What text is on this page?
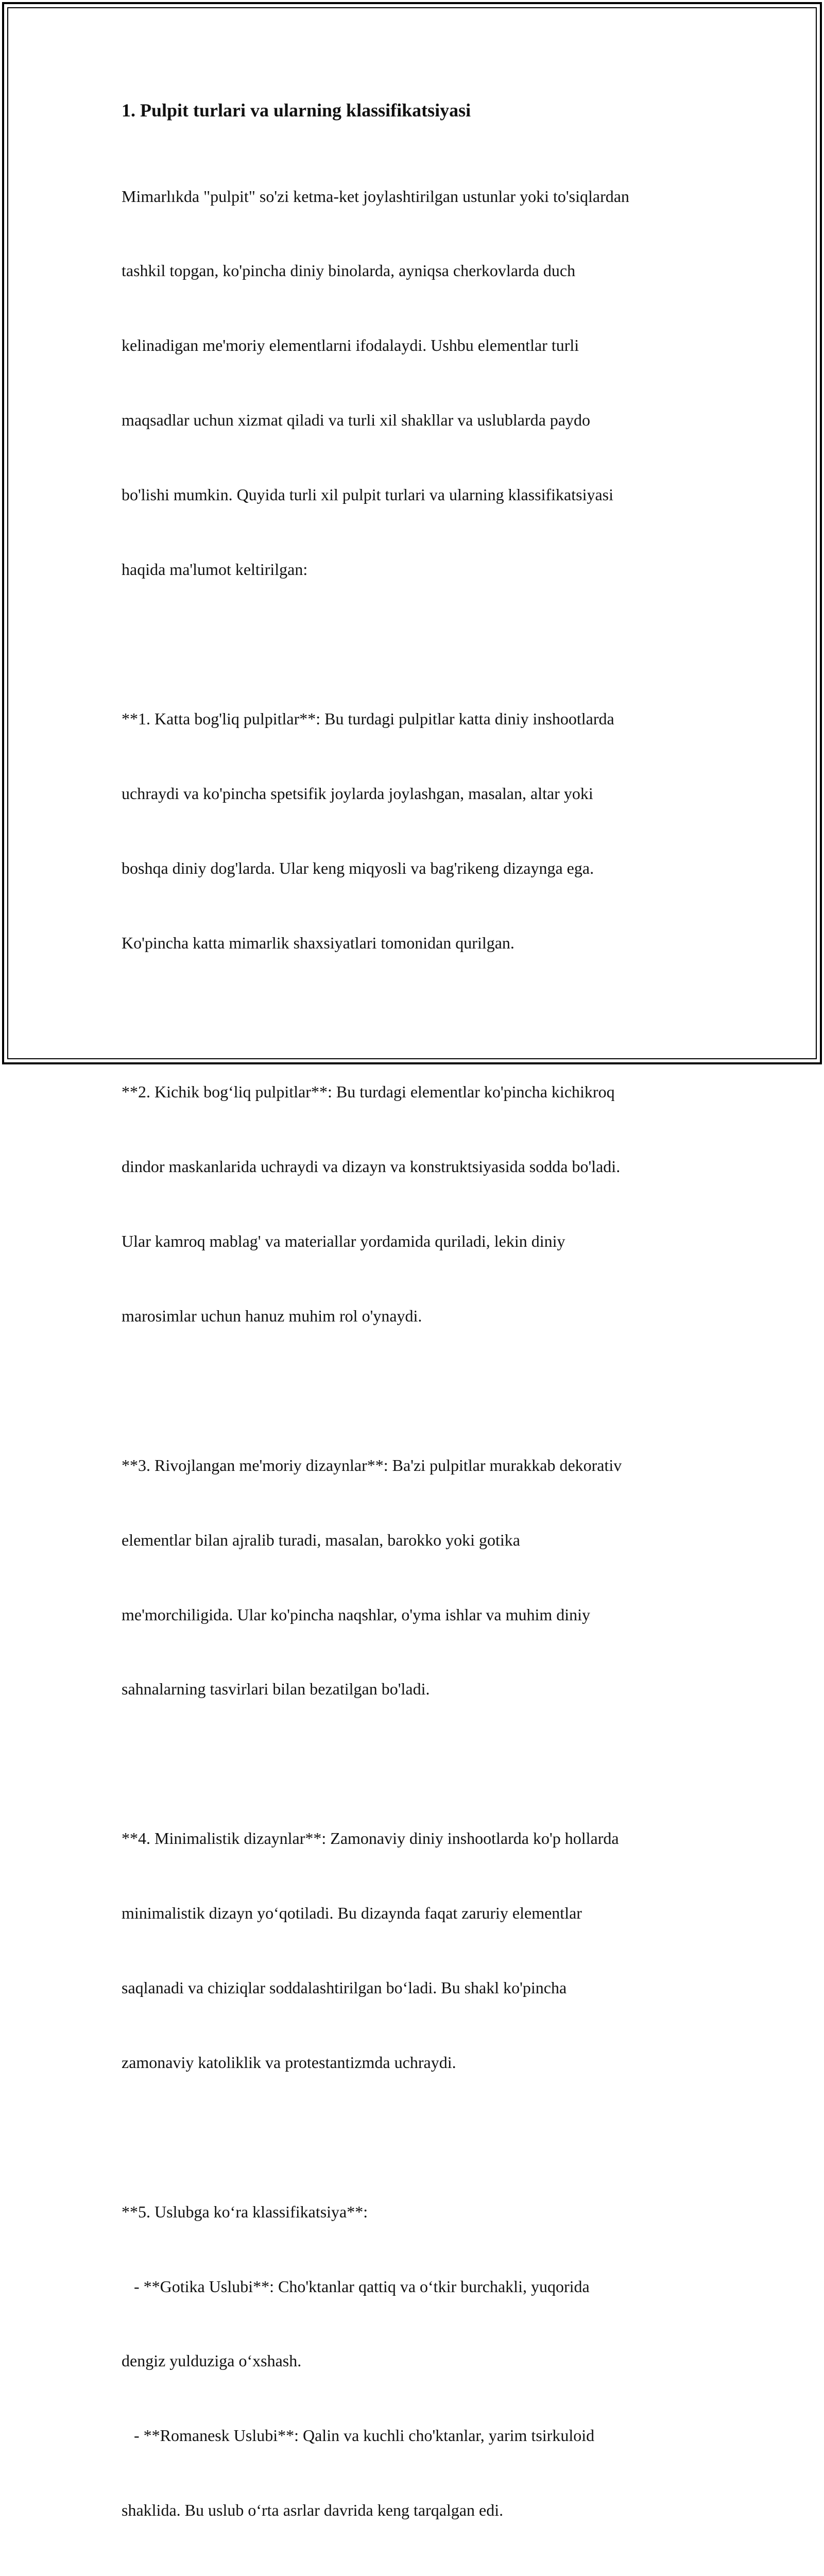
1. Pulpit turlari va ularning klassifikatsiyasi

Mimarlıkda "pulpit" so'zi ketma-ket joylashtirilgan ustunlar yoki to'siqlardan

tashkil topgan, ko'pincha diniy binolarda, ayniqsa cherkovlarda duch

kelinadigan me'moriy elementlarni ifodalaydi. Ushbu elementlar turli

maqsadlar uchun xizmat qiladi va turli xil shakllar va uslublarda paydo

bo'lishi mumkin. Quyida turli xil pulpit turlari va ularning klassifikatsiyasi

haqida ma'lumot keltirilgan:

**1. Katta bog'liq pulpitlar**: Bu turdagi pulpitlar katta diniy inshootlarda

uchraydi va ko'pincha spetsifik joylarda joylashgan, masalan, altar yoki

boshqa diniy dog'larda. Ular keng miqyosli va bag'rikeng dizaynga ega.

Ko'pincha katta mimarlik shaxsiyatlari tomonidan qurilgan.

**2. Kichik bog‘liq pulpitlar**: Bu turdagi elementlar ko'pincha kichikroq

dindor maskanlarida uchraydi va dizayn va konstruktsiyasida sodda bo'ladi.

Ular kamroq mablag' va materiallar yordamida quriladi, lekin diniy

marosimlar uchun hanuz muhim rol o'ynaydi.

**3. Rivojlangan me'moriy dizaynlar**: Ba'zi pulpitlar murakkab dekorativ

elementlar bilan ajralib turadi, masalan, barokko yoki gotika

me'morchiligida. Ular ko'pincha naqshlar, o'yma ishlar va muhim diniy

sahnalarning tasvirlari bilan bezatilgan bo'ladi.

**4. Minimalistik dizaynlar**: Zamonaviy diniy inshootlarda ko'p hollarda

minimalistik dizayn yo‘qotiladi. Bu dizaynda faqat zaruriy elementlar

saqlanadi va chiziqlar soddalashtirilgan bo‘ladi. Bu shakl ko'pincha

zamonaviy katoliklik va protestantizmda uchraydi.

**5. Uslubga ko‘ra klassifikatsiya**:

- **Gotika Uslubi**: Cho'ktanlar qattiq va o‘tkir burchakli, yuqorida

dengiz yulduziga o‘xshash.

- **Romanesk Uslubi**: Qalin va kuchli cho'ktanlar, yarim tsirkuloid

shaklida. Bu uslub o‘rta asrlar davrida keng tarqalgan edi.
